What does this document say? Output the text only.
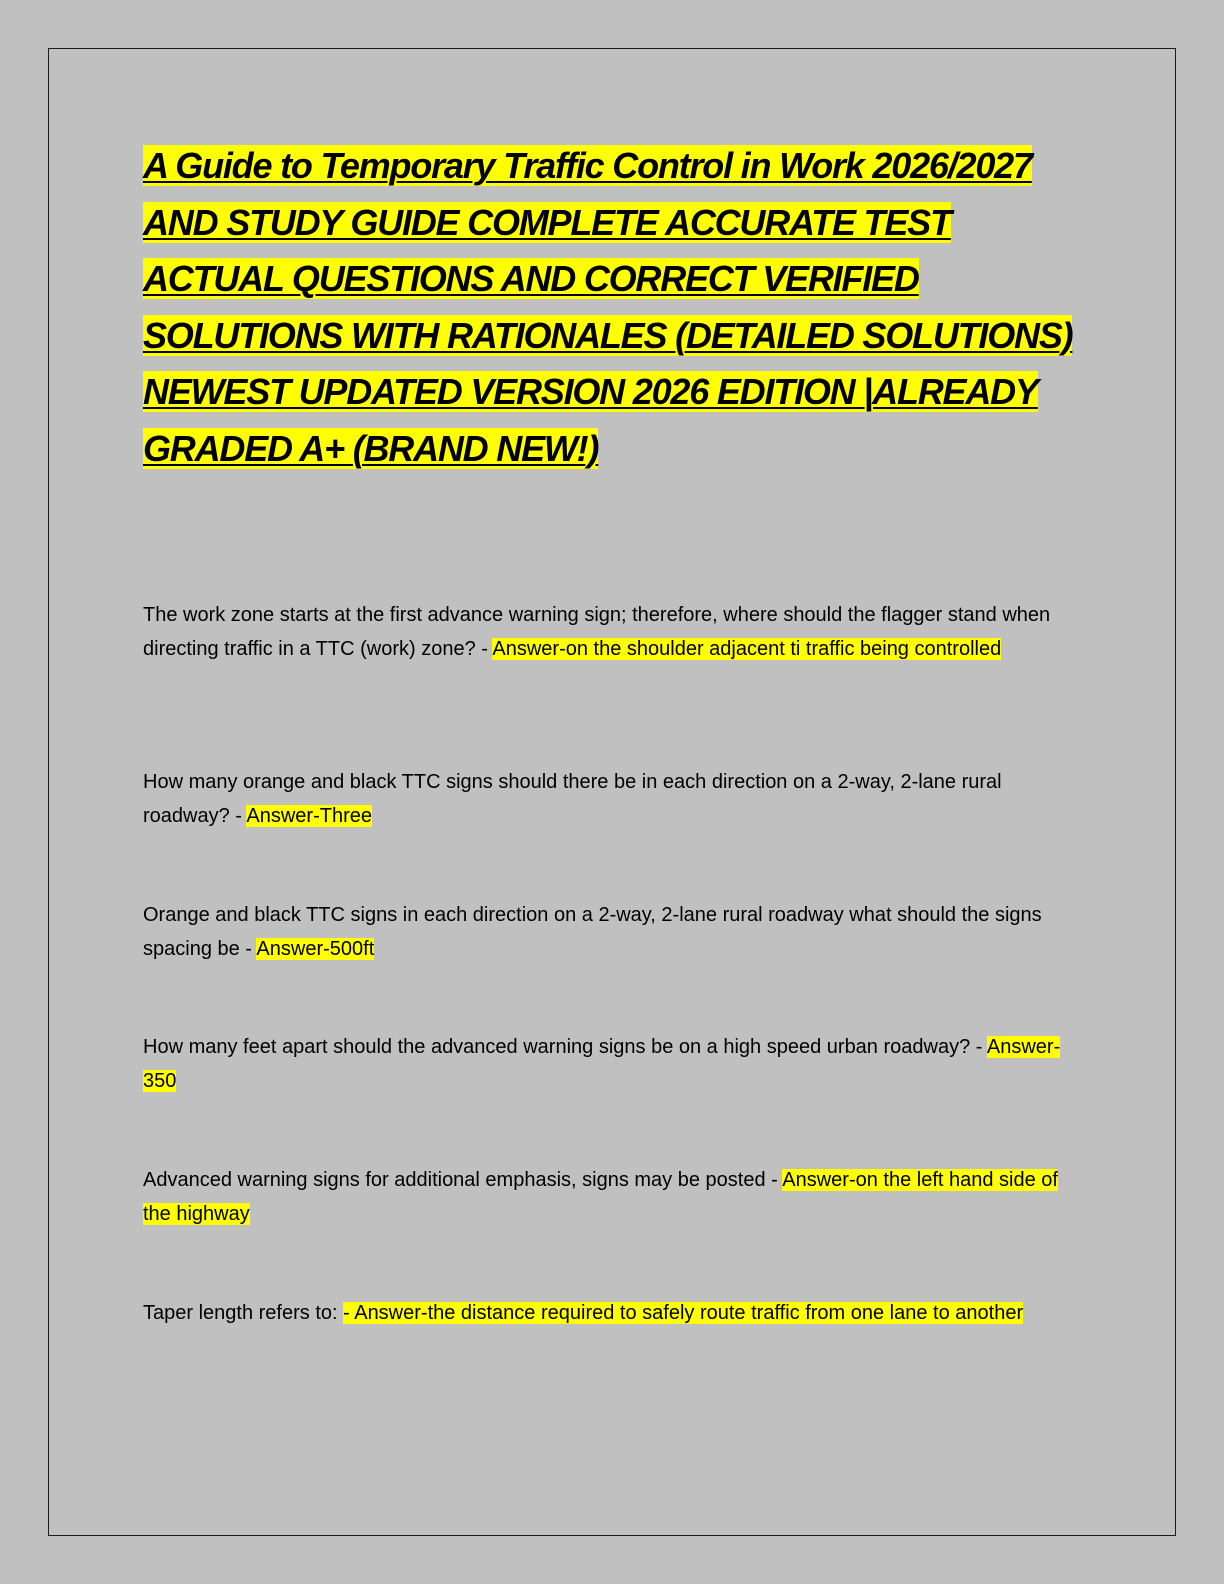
A Guide to Temporary Traffic Control in Work 2026/2027 AND STUDY GUIDE COMPLETE ACCURATE TEST ACTUAL QUESTIONS AND CORRECT VERIFIED SOLUTIONS WITH RATIONALES (DETAILED SOLUTIONS) NEWEST UPDATED VERSION 2026 EDITION |ALREADY GRADED A+ (BRAND NEW!)

The work zone starts at the first advance warning sign; therefore, where should the flagger stand when directing traffic in a TTC (work) zone? - Answer-on the shoulder adjacent ti traffic being controlled

How many orange and black TTC signs should there be in each direction on a 2-way, 2-lane rural roadway? - Answer-Three

Orange and black TTC signs in each direction on a 2-way, 2-lane rural roadway what should the signs spacing be - Answer-500ft

How many feet apart should the advanced warning signs be on a high speed urban roadway? - Answer-350

Advanced warning signs for additional emphasis, signs may be posted - Answer-on the left hand side of the highway

Taper length refers to: - Answer-the distance required to safely route traffic from one lane to another
